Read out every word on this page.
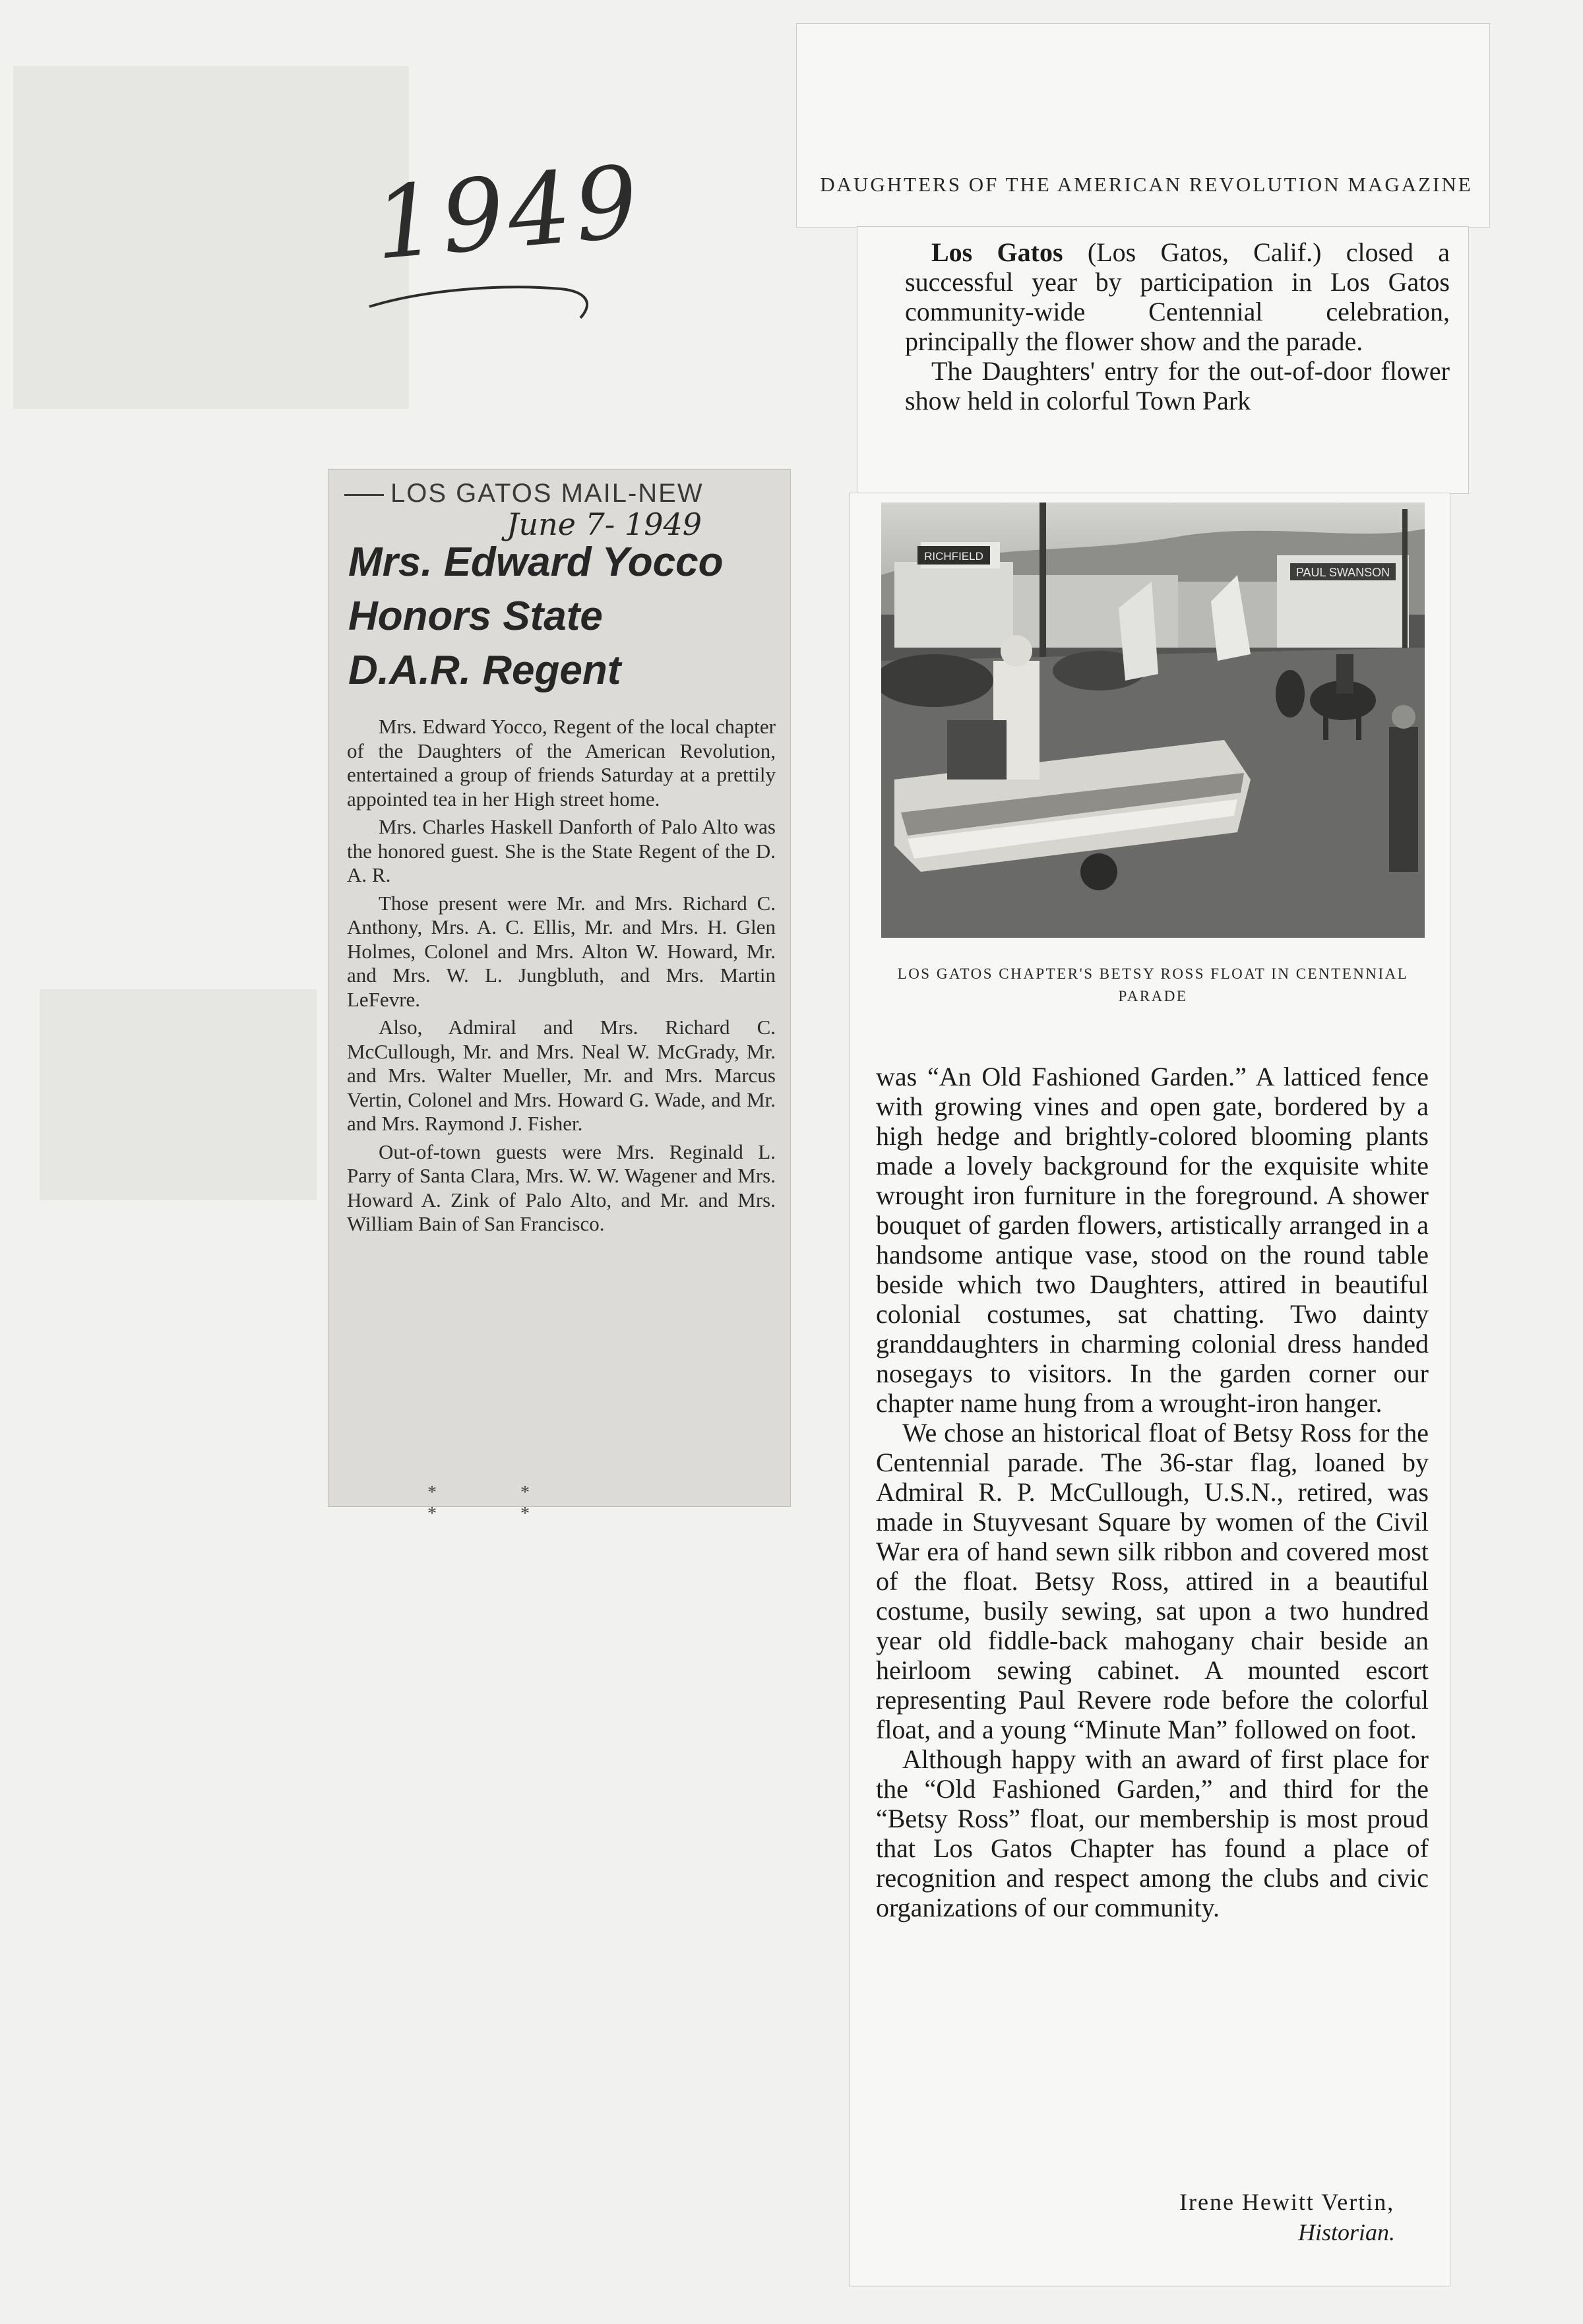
1949
LOS GATOS MAIL-NEW
June 7- 1949
Mrs. Edward Yocco
Honors State
D.A.R. Regent

Mrs. Edward Yocco, Regent of the local chapter of the Daughters of the American Revolution, entertained a group of friends Saturday at a prettily appointed tea in her High street home.

Mrs. Charles Haskell Danforth of Palo Alto was the honored guest. She is the State Regent of the D. A. R.

Those present were Mr. and Mrs. Richard C. Anthony, Mrs. A. C. Ellis, Mr. and Mrs. H. Glen Holmes, Colonel and Mrs. Alton W. Howard, Mr. and Mrs. W. L. Jungbluth, and Mrs. Martin LeFevre.

Also, Admiral and Mrs. Richard C. McCullough, Mr. and Mrs. Neal W. McGrady, Mr. and Mrs. Walter Mueller, Mr. and Mrs. Marcus Vertin, Colonel and Mrs. Howard G. Wade, and Mr. and Mrs. Raymond J. Fisher.

Out-of-town guests were Mrs. Reginald L. Parry of Santa Clara, Mrs. W. W. Wagener and Mrs. Howard A. Zink of Palo Alto, and Mr. and Mrs. William Bain of San Francisco.

* * * *
DAUGHTERS OF THE AMERICAN REVOLUTION MAGAZINE

Los Gatos (Los Gatos, Calif.) closed a successful year by participation in Los Gatos community-wide Centennial celebration, principally the flower show and the parade.

The Daughters' entry for the out-of-door flower show held in colorful Town Park

PAUL SWANSON
RICHFIELD
LOS GATOS CHAPTER'S BETSY ROSS FLOAT IN CENTENNIAL PARADE

was “An Old Fashioned Garden.” A latticed fence with growing vines and open gate, bordered by a high hedge and brightly-colored blooming plants made a lovely background for the exquisite white wrought iron furniture in the foreground. A shower bouquet of garden flowers, artistically arranged in a handsome antique vase, stood on the round table beside which two Daughters, attired in beautiful colonial costumes, sat chatting. Two dainty granddaughters in charming colonial dress handed nosegays to visitors. In the garden corner our chapter name hung from a wrought-iron hanger.

We chose an historical float of Betsy Ross for the Centennial parade. The 36-star flag, loaned by Admiral R. P. McCullough, U.S.N., retired, was made in Stuyvesant Square by women of the Civil War era of hand sewn silk ribbon and covered most of the float. Betsy Ross, attired in a beautiful costume, busily sewing, sat upon a two hundred year old fiddle-back mahogany chair beside an heirloom sewing cabinet. A mounted escort representing Paul Revere rode before the colorful float, and a young “Minute Man” followed on foot.

Although happy with an award of first place for the “Old Fashioned Garden,” and third for the “Betsy Ross” float, our membership is most proud that Los Gatos Chapter has found a place of recognition and respect among the clubs and civic organizations of our community.

Irene Hewitt Vertin,
Historian.
